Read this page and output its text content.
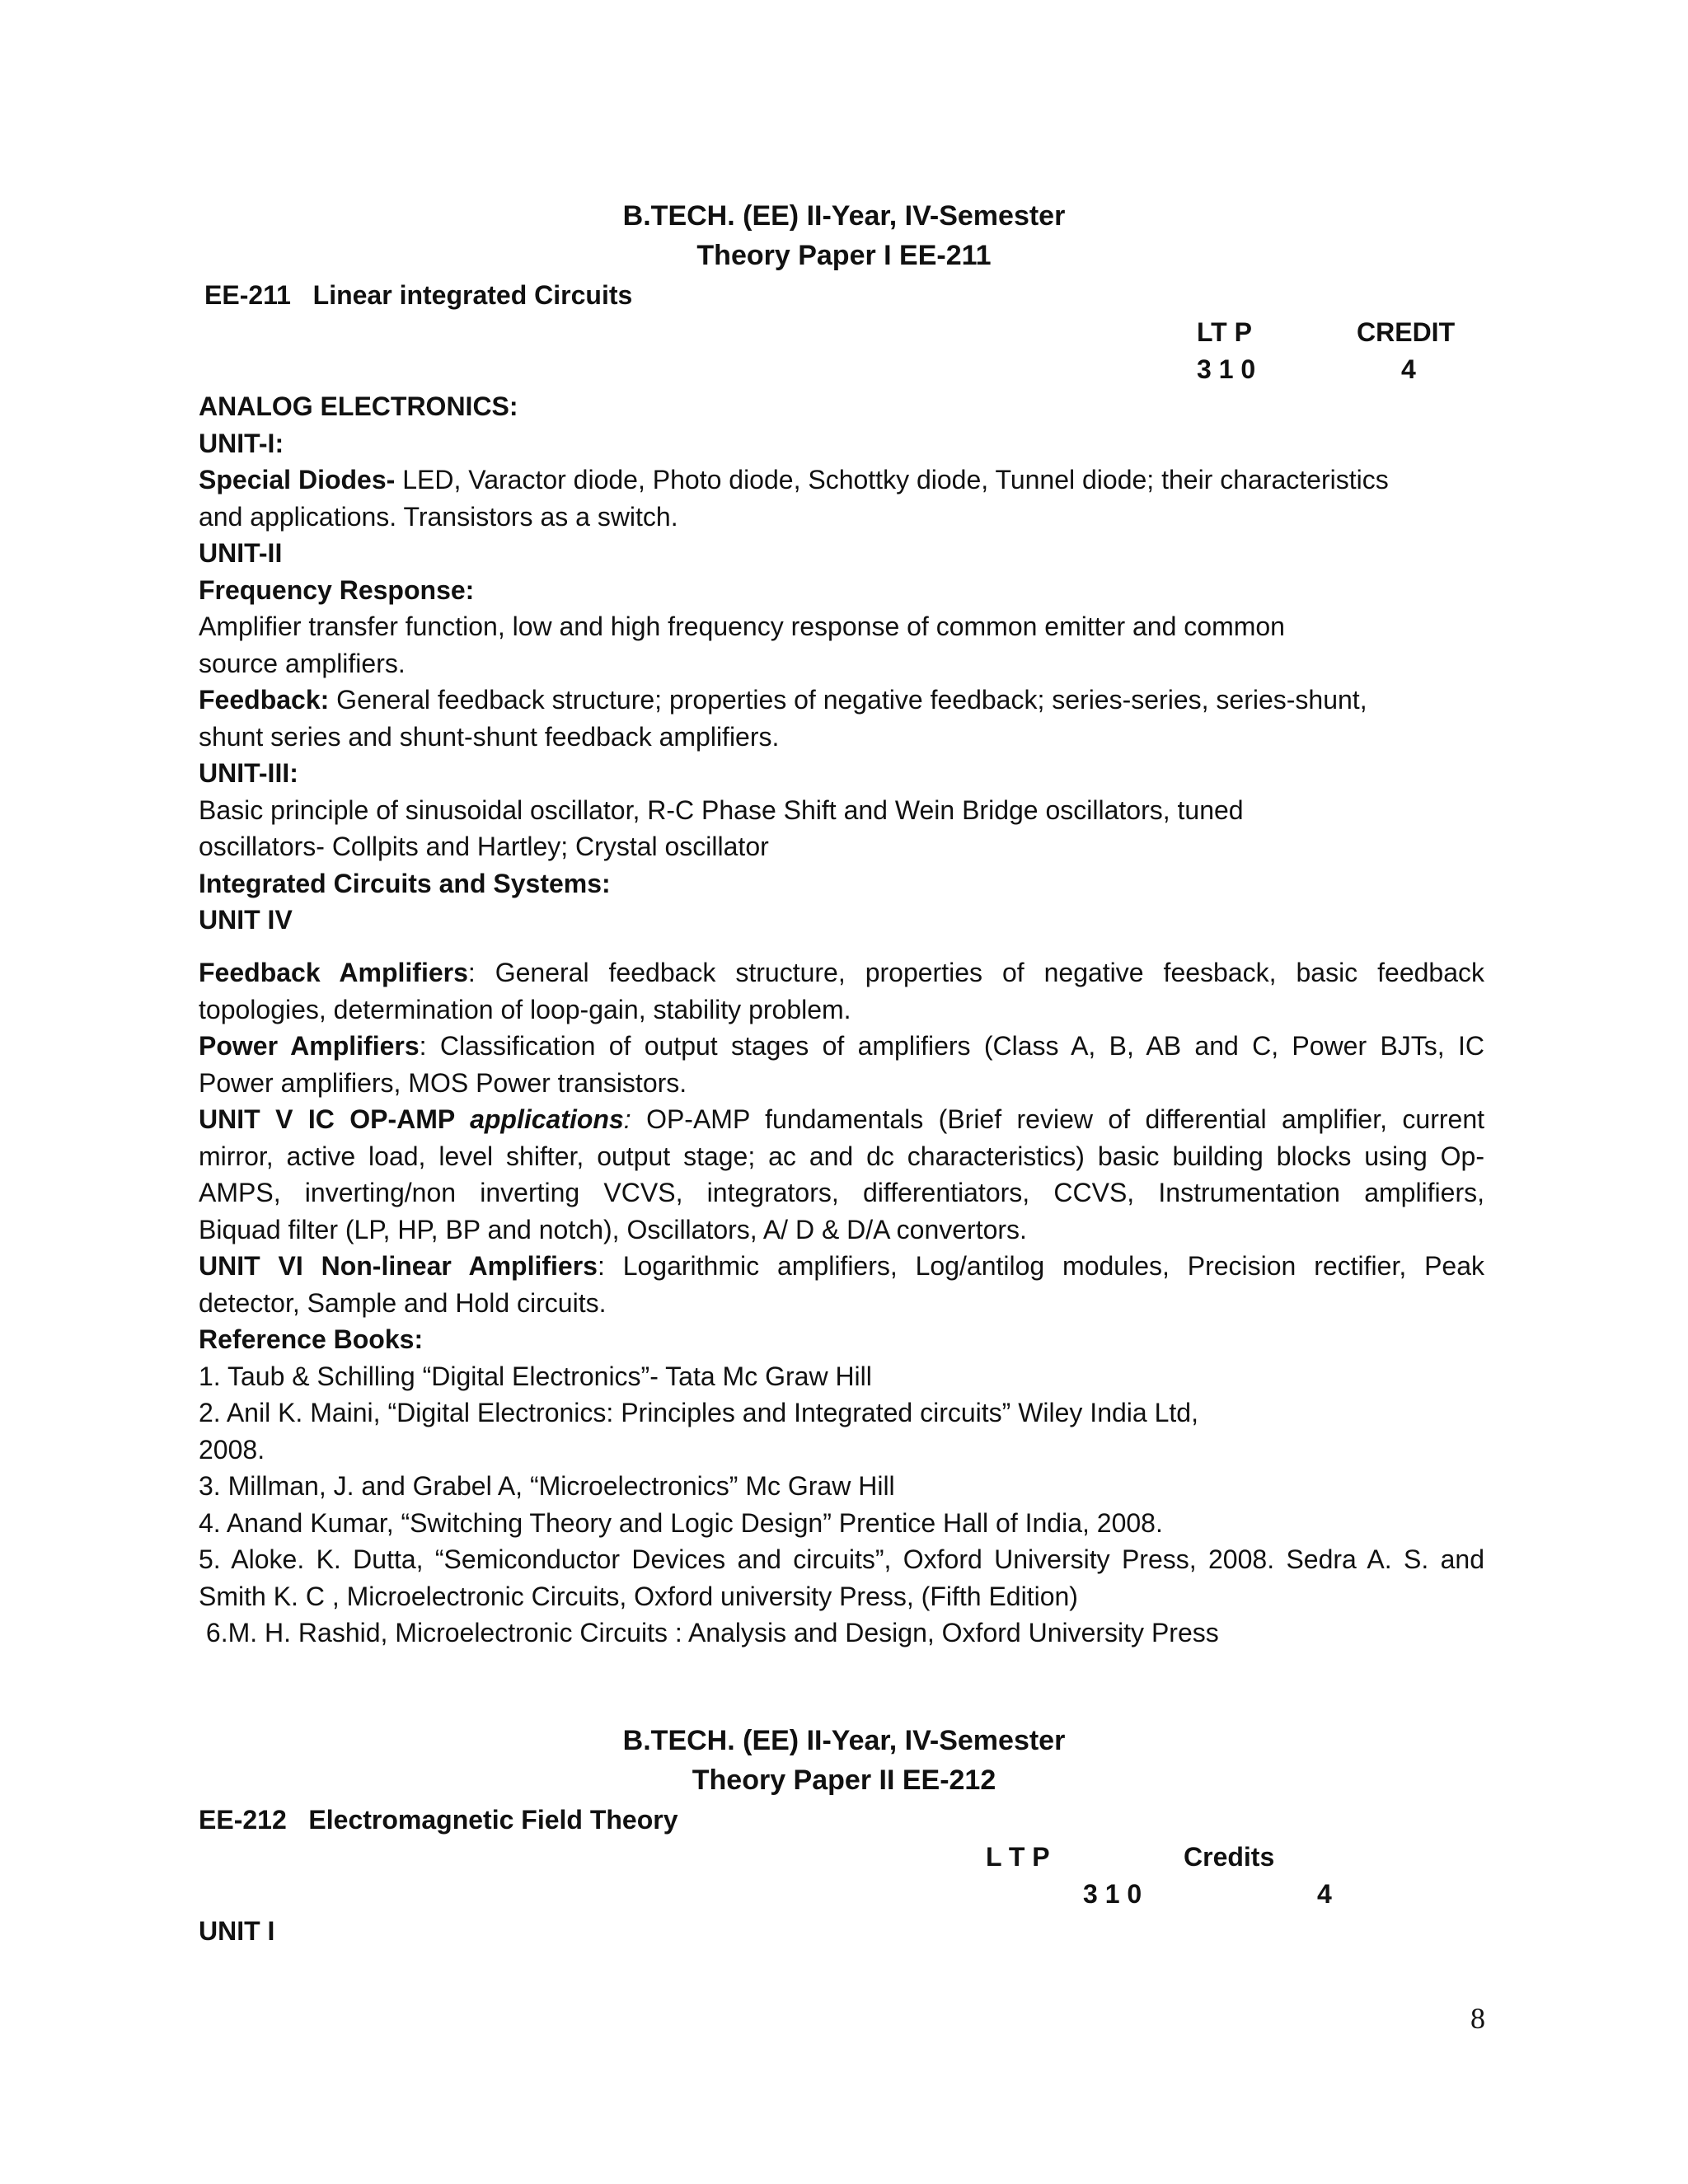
B.TECH. (EE) II-Year, IV-Semester
Theory Paper I EE-211
EE-211 Linear integrated Circuits
LT P	CREDIT
3 1 0	4
ANALOG ELECTRONICS:
UNIT-I:
Special Diodes- LED, Varactor diode, Photo diode, Schottky diode, Tunnel diode; their characteristics
and applications. Transistors as a switch.
UNIT-II
Frequency Response:
Amplifier transfer function, low and high frequency response of common emitter and common
source amplifiers.
Feedback: General feedback structure; properties of negative feedback; series-series, series-shunt,
shunt series and shunt-shunt feedback amplifiers.
UNIT-III:
Basic principle of sinusoidal oscillator, R-C Phase Shift and Wein Bridge oscillators, tuned
oscillators- Collpits and Hartley; Crystal oscillator
Integrated Circuits and Systems:
UNIT IV
Feedback Amplifiers: General feedback structure, properties of negative feesback, basic feedback
topologies, determination of loop-gain, stability problem.
Power Amplifiers: Classification of output stages of amplifiers (Class A, B, AB and C, Power BJTs, IC
Power amplifiers, MOS Power transistors.
UNIT V IC OP-AMP applications: OP-AMP fundamentals (Brief review of differential amplifier, current
mirror, active load, level shifter, output stage; ac and dc characteristics) basic building blocks using Op-
AMPS, inverting/non inverting VCVS, integrators, differentiators, CCVS, Instrumentation amplifiers,
Biquad filter (LP, HP, BP and notch), Oscillators, A/ D & D/A convertors.
UNIT VI Non-linear Amplifiers: Logarithmic amplifiers, Log/antilog modules, Precision rectifier, Peak
detector, Sample and Hold circuits.
Reference Books:
1. Taub & Schilling “Digital Electronics”- Tata Mc Graw Hill
2. Anil K. Maini, “Digital Electronics: Principles and Integrated circuits” Wiley India Ltd,
2008.
3. Millman, J. and Grabel A, “Microelectronics” Mc Graw Hill
4. Anand Kumar, “Switching Theory and Logic Design” Prentice Hall of India, 2008.
5. Aloke. K. Dutta, “Semiconductor Devices and circuits”, Oxford University Press, 2008. Sedra A. S. and
Smith K. C , Microelectronic Circuits, Oxford university Press, (Fifth Edition)
6.M. H. Rashid, Microelectronic Circuits : Analysis and Design, Oxford University Press
B.TECH. (EE) II-Year, IV-Semester
Theory Paper II EE-212
EE-212 Electromagnetic Field Theory
L T P	Credits
3 1 0	4
UNIT I
8
